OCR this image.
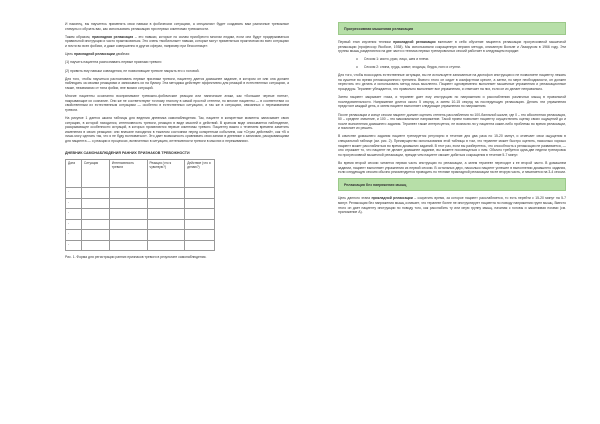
И наконец, вы научитесь применять свои навыки в фобических ситуациях, а специалист будет создавать вам различные тревожные стимулы и обучать вас, как использовать релаксацию при первых симптомах тревожности.

Таким образом, прикладная релаксация – это навыки, которые по силам приобрести многим людям, если они будут придерживаться правильной инструкции и часто практиковаться. Это очень «мобильные» навыки, которые могут применяться практически во всех ситуациях и почти во всех фобиях, и даже совершенно в других сферах, например при бессоннице».

Цель прикладной релаксации двойная:

(1) научить пациента распознавать первые признаки тревоги

(2) привить ему навыки совладения, не позволяющие тревоге накрыть его с головой.

Для того, чтобы научиться распознавать первые признаки тревоги, пациенту дается домашнее задание, в котором он или она должен наблюдать за своими реакциями и записывать их на бумагу. Эта методика действует эффективно для реакций в естественных ситуациях, а также, независимо от типа фобии, вне всяких ситуаций.

Многие пациенты осознанно воспринимают тревожно-фобические реакции или панические атаки, как «большие черные пятна», накрывающие их сознание. Они же не соответствуют точному эталону в самой простой степени, но многие пациенты — в соответствии со свойственным их естественным ситуациям — особенно в естественных ситуациях, и так же в ситуациях, связанных с переживанием тревоги.

На рисунке 1 дается шкала таблицы для ведения дневника самонаблюдения. Так, пациент в конкретные моменты записывает свою ситуацию, в которой находился, интенсивность тревоги, реакцию в виде мыслей и действий. В кратком виде описывается наблюдение, раскрывающее особенности ситуаций, в которых проявляются первые симптомы тревоги. Пациенту важно с течением времени заметить изменения в своих реакциях: они вначале находятся в тяжелом состоянии перед конкретным событием, как «Страх действий», как «В я лишь могу сделать так, что я не буду волноваться». Это дает возможность сравнивать свои записи в дневнике с записями, раскрывающими для пациента — о реакции и процессах, включенных в ситуацию, интенсивности тревоги в мыслях и переживаниях.

ДНЕВНИК САМОНАБЛЮДЕНИЯ РАННИХ ПРИЗНАКОВ ТРЕВОЖНОСТИ
Дата	Ситуация	Интенсивность тревоги	Реакция (что я чувствую?)	Действие (что я делаю?)
-				
-				
-				
-				
-				
-				
Рис. 1. Форма для регистрации ранних признаков тревоги в результате самонаблюдения.
Прогрессивная мышечная релаксация

Первый этап изучения техники прикладной релаксации включает в себя обучение пациента релаксации прогрессивной мышечной релаксации (профессор Якобсон, 1938). Мы использовали сокращенную версию метода, описанную Вольпе и Лазарусом в 1966 году. Эти группы мышц разделяются на две части и техника первых тренировочных сессий работает в следующем порядке:

o Сессия 1: кисти, руки, лицо, шея и плечи.
o Сессия 2: спина, грудь, живот, ягодицы, бедра, ноги и ступни.

Для того, чтобы воссоздать естественные ситуации, вы не используете записанные на диктофон инструкции и не позволяете пациенту лежать на кушетке во время релаксационного тренинга. Вместо этого он сидит в комфортном кресле, а затем, по мере необходимости, он должен перестать это делать и использовать метод лишь мысленно. Пациент одновременно выполняет мышечные упражнения и релаксационные процедуры. Терапевт убеждается, что правильно выполняет все упражнения, и отмечает на них, если он их делает неправильно.

Затем пациент закрывает глаза, и терапевт дает ему инструкцию по напряжению и расслаблению различных мышц в правильной последовательности. Напряжение длится около 5 секунд, а затем 10-15 секунд на последующую релаксацию. Делать эти упражнения предстоит каждый день, и затем пациент выполняет следующие упражнения по напряжению.

После релаксации и конце сессии пациент должен оценить степень расслабления по 100-балльной шкале, где 0 – это абсолютная релаксация, 50 – среднее значение, и 100 – это максимальное напряжение. Такой прием позволяет пациенту осуществлять оценку своих ощущений до и после выполнения домашнего задания. Терапевт также интересуется, не возникли ли у пациента какие-либо проблемы во время релаксации, и помогает их решить.

В качестве домашнего задания пациент тренируется регулярно в течение дня два раза по 15-20 минут, и отмечает свои ощущения в специальной таблице (см. рис. 2). Преимущество использования этой таблицы в том, что терапевт может быстро оценить, насколько хорошо пациент может расслабляться во время домашних заданий. В этот раз, если вы разберетесь, что способность к релаксации не развивается, — оно отражает то, что пациент не делает домашнее задание, вы можете посовещаться с ним. Обычно требуется одна-две недели тренировок по прогрессивной мышечной релаксации, прежде чем пациент сможет добиться сокращения в течение 5-7 минут.

Во время второй сессии читается первая часть инструкции по релаксации, а затем терапевт переходит к ее второй части. В домашнем задании, пациент выполняет упражнения из первой сессии. В остальных двух, насколько пациент успешен в выполнении домашнего задания, если следующую сессию обычно рекомендуется проводить по технике прикладной релаксации на ее вторую часть, и начинается на 3-4 сессии.

Релаксация без напряжения мышц

Цель данного этапа прикладной релаксации – сократить время, за которое пациент расслабляется, то есть перейти с 15-20 минут на 5-7 минут. Релаксация без напряжения мышц означает, что терапевт более не инструктирует пациента по поводу напряжения групп мышц. Вместо этого он дает пациенту инструкции по поводу того, как расслабить ту или иную группу мышц, начиная с головы и заканчивая ногами (см. приложение А).
